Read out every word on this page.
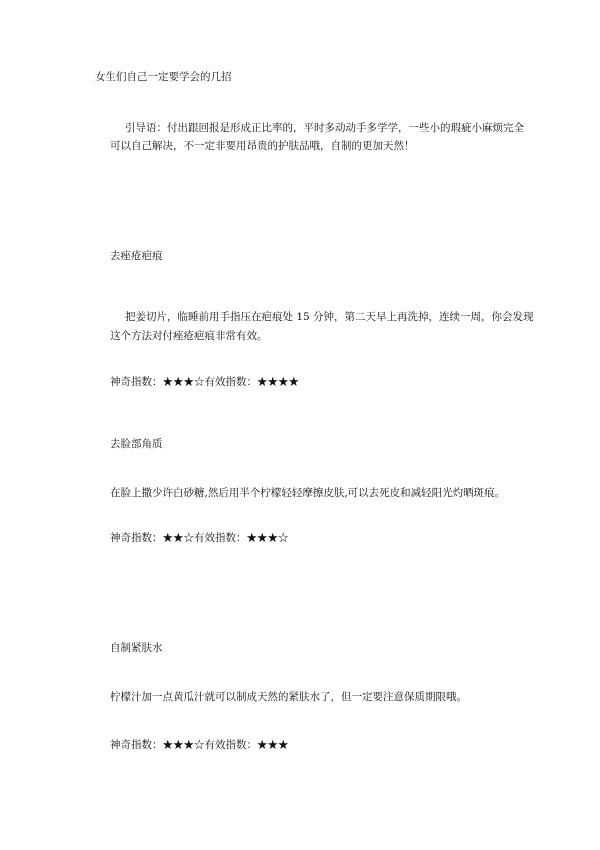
女生们自己一定要学会的几招
引导语：付出跟回报是形成正比率的，平时多动动手多学学，一些小的瑕疵小麻烦完全
可以自己解决，不一定非要用昂贵的护肤品哦，自制的更加天然！
去痤疮疤痕
把姜切片，临睡前用手指压在疤痕处 15 分钟，第二天早上再洗掉，连续一周，你会发现
这个方法对付痤疮疤痕非常有效。
神奇指数：★★★☆有效指数：★★★★
去脸部角质
在脸上撒少许白砂糖,然后用半个柠檬轻轻摩擦皮肤,可以去死皮和减轻阳光灼晒斑痕。
神奇指数：★★☆有效指数：★★★☆
自制紧肤水
柠檬汁加一点黄瓜汁就可以制成天然的紧肤水了，但一定要注意保质期限哦。
神奇指数：★★★☆有效指数：★★★
